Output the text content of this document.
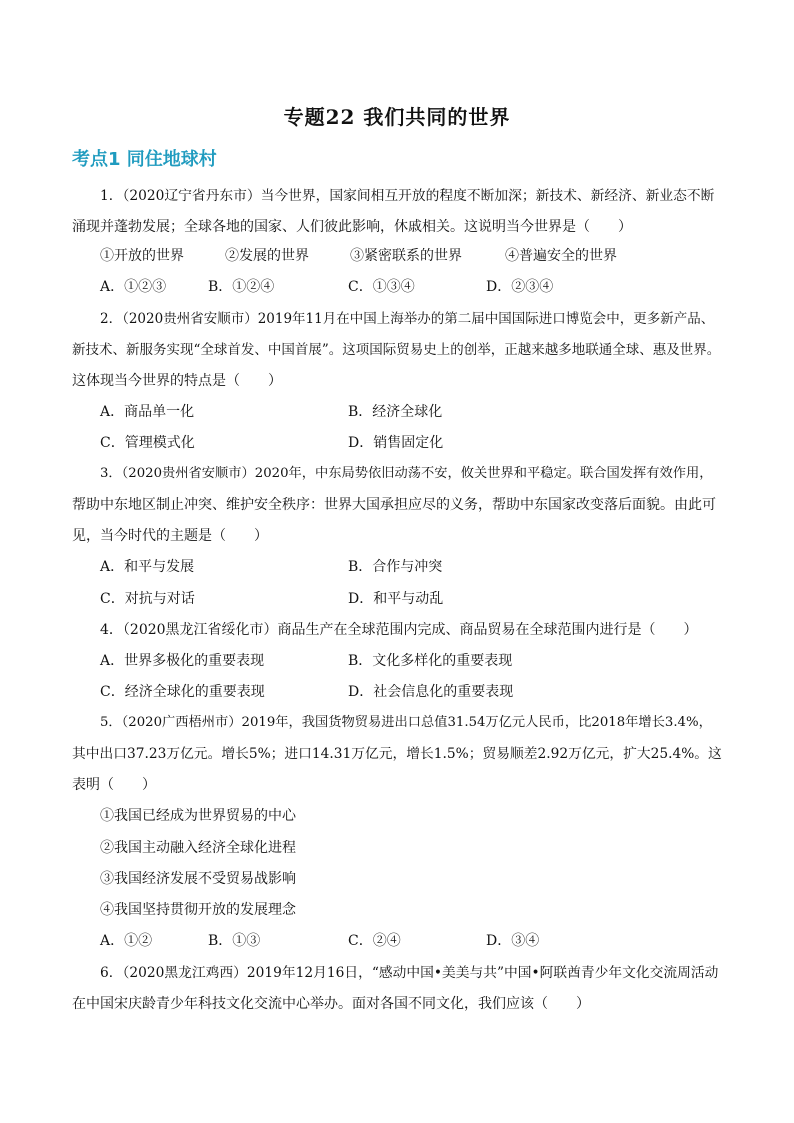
专题22 我们共同的世界
考点1 同住地球村
1．（2020辽宁省丹东市）当今世界，国家间相互开放的程度不断加深；新技术、新经济、新业态不断
涌现并蓬勃发展；全球各地的国家、人们彼此影响，休戚相关。这说明当今世界是（　　）
①开放的世界	②发展的世界	③紧密联系的世界	④普遍安全的世界
A．①②③	B．①②④	C．①③④	D．②③④
2．（2020贵州省安顺市）2019年11月在中国上海举办的第二届中国国际进口博览会中，更多新产品、
新技术、新服务实现“全球首发、中国首展”。这项国际贸易史上的创举，正越来越多地联通全球、惠及世界。
这体现当今世界的特点是（　　）
A．商品单一化	B．经济全球化
C．管理模式化	D．销售固定化
3．（2020贵州省安顺市）2020年，中东局势依旧动荡不安，攸关世界和平稳定。联合国发挥有效作用，
帮助中东地区制止冲突、维护安全秩序：世界大国承担应尽的义务，帮助中东国家改变落后面貌。由此可
见，当今时代的主题是（　　）
A．和平与发展	B．合作与冲突
C．对抗与对话	D．和平与动乱
4．（2020黑龙江省绥化市）商品生产在全球范围内完成、商品贸易在全球范围内进行是（　　）
A．世界多极化的重要表现	B．文化多样化的重要表现
C．经济全球化的重要表现	D．社会信息化的重要表现
5．（2020广西梧州市）2019年，我国货物贸易进出口总值31.54万亿元人民币，比2018年增长3.4%，
其中出口37.23万亿元。增长5%；进口14.31万亿元，增长1.5%；贸易顺差2.92万亿元，扩大25.4%。这
表明（　　）
①我国已经成为世界贸易的中心
②我国主动融入经济全球化进程
③我国经济发展不受贸易战影响
④我国坚持贯彻开放的发展理念
A．①②	B．①③	C．②④	D．③④
6．（2020黑龙江鸡西）2019年12月16日，“感动中国•美美与共”中国•阿联酋青少年文化交流周活动
在中国宋庆龄青少年科技文化交流中心举办。面对各国不同文化，我们应该（　　）
